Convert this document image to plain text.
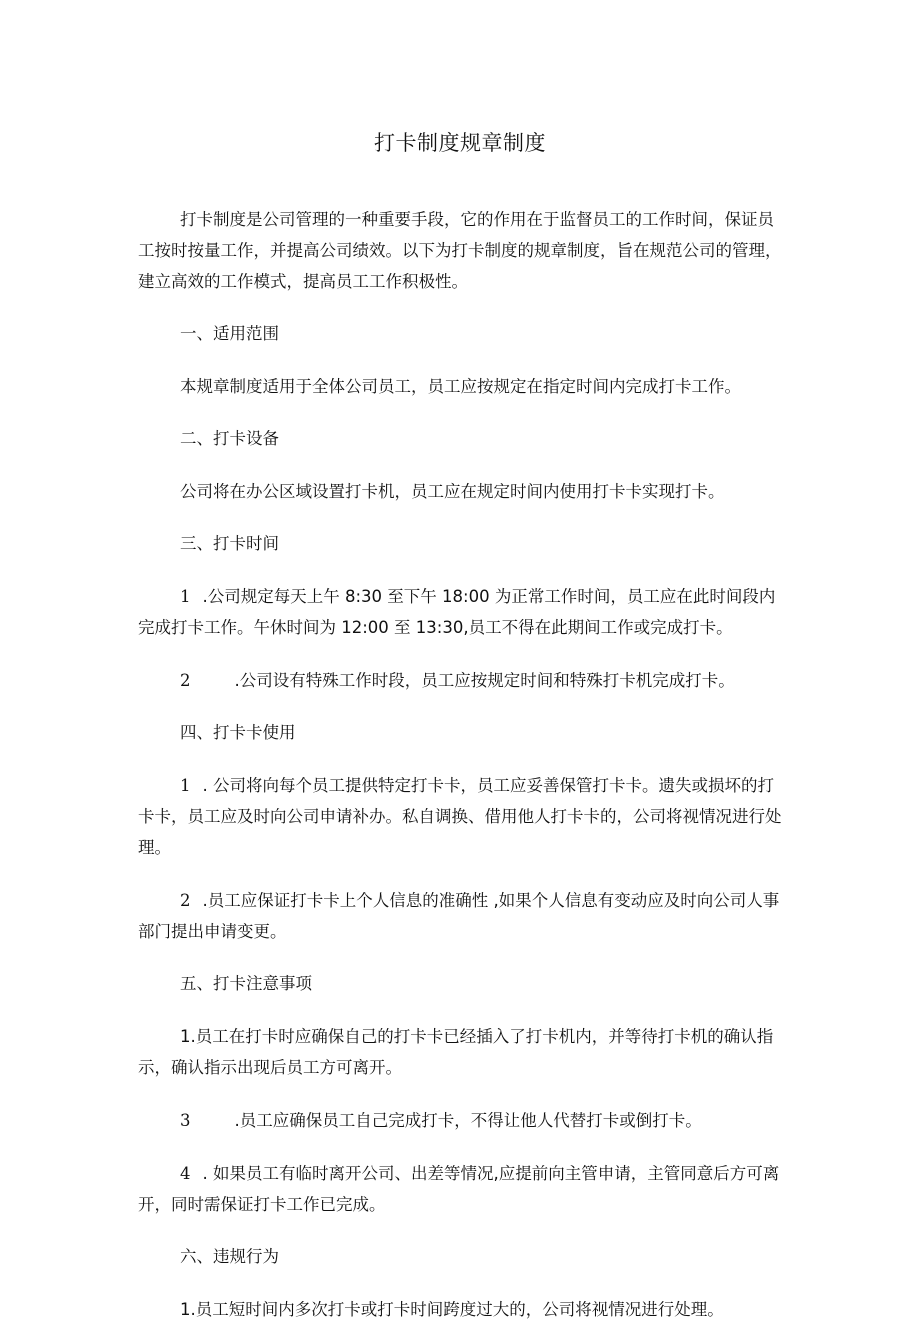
打卡制度规章制度

打卡制度是公司管理的一种重要手段，它的作用在于监督员工的工作时间，保证员工按时按量工作，并提高公司绩效。以下为打卡制度的规章制度，旨在规范公司的管理，建立高效的工作模式，提高员工工作积极性。

一、适用范围

本规章制度适用于全体公司员工，员工应按规定在指定时间内完成打卡工作。

二、打卡设备

公司将在办公区域设置打卡机，员工应在规定时间内使用打卡卡实现打卡。

三、打卡时间

1 .公司规定每天上午 8:30 至下午 18:00 为正常工作时间，员工应在此时间段内完成打卡工作。午休时间为 12:00 至 13:30,员工不得在此期间工作或完成打卡。

2	.公司设有特殊工作时段，员工应按规定时间和特殊打卡机完成打卡。

四、打卡卡使用

1 . 公司将向每个员工提供特定打卡卡，员工应妥善保管打卡卡。遗失或损坏的打卡卡，员工应及时向公司申请补办。私自调换、借用他人打卡卡的，公司将视情况进行处理。

2 .员工应保证打卡卡上个人信息的准确性 ,如果个人信息有变动应及时向公司人事部门提出申请变更。

五、打卡注意事项

1.员工在打卡时应确保自己的打卡卡已经插入了打卡机内，并等待打卡机的确认指示，确认指示出现后员工方可离开。

3	.员工应确保员工自己完成打卡，不得让他人代替打卡或倒打卡。

4 . 如果员工有临时离开公司、出差等情况,应提前向主管申请，主管同意后方可离开，同时需保证打卡工作已完成。

六、违规行为

1.员工短时间内多次打卡或打卡时间跨度过大的，公司将视情况进行处理。
